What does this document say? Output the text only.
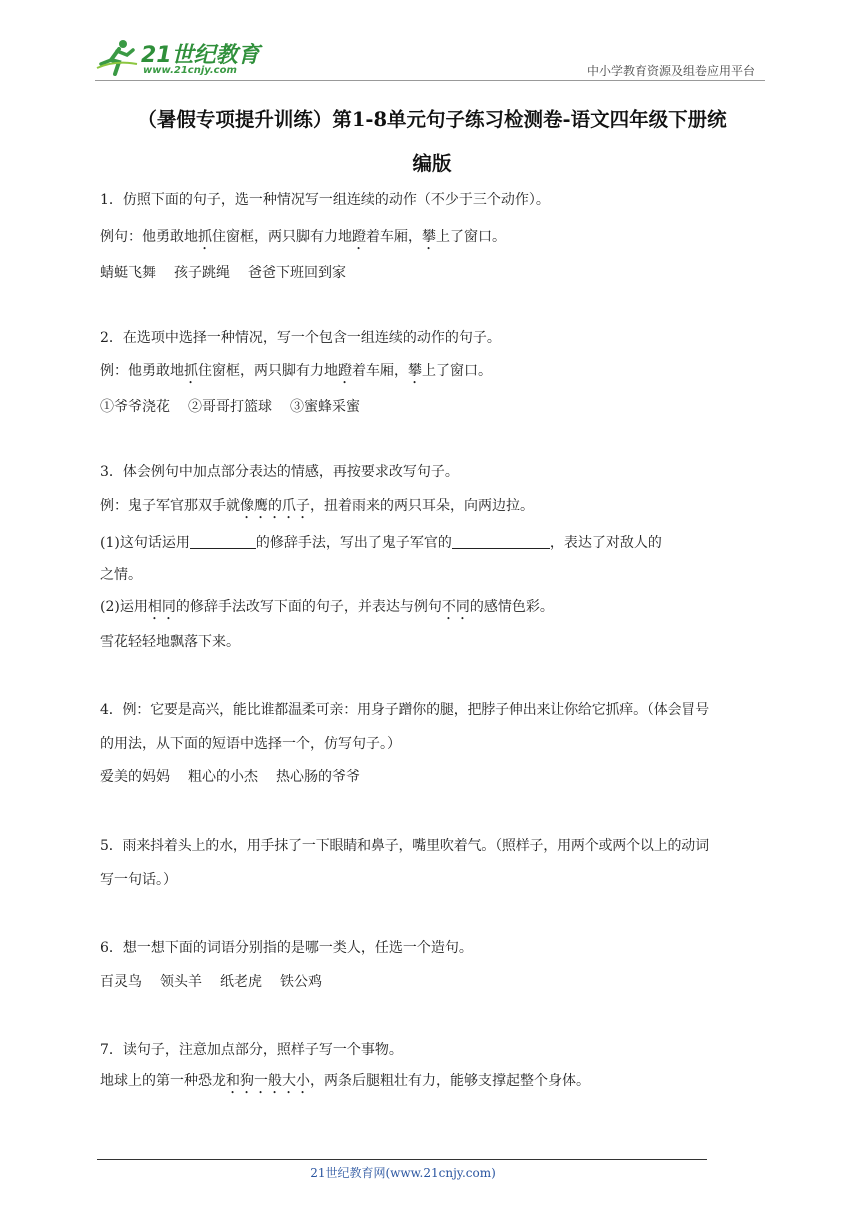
21世纪教育
www.21cnjy.com	中小学教育资源及组卷应用平台
（暑假专项提升训练）第1-8单元句子练习检测卷-语文四年级下册统
编版
1．仿照下面的句子，选一种情况写一组连续的动作（不少于三个动作）。
例句：他勇敢地抓住窗框，两只脚有力地蹬着车厢，攀上了窗口。
蜻蜓飞舞 孩子跳绳 爸爸下班回到家
2．在选项中选择一种情况，写一个包含一组连续的动作的句子。
例：他勇敢地抓住窗框，两只脚有力地蹬着车厢，攀上了窗口。
①爷爷浇花 ②哥哥打篮球 ③蜜蜂采蜜
3．体会例句中加点部分表达的情感，再按要求改写句子。
例：鬼子军官那双手就像鹰的爪子，扭着雨来的两只耳朵，向两边拉。
(1)这句话运用	的修辞手法，写出了鬼子军官的	，表达了对敌人的
之情。
(2)运用相同的修辞手法改写下面的句子，并表达与例句不同的感情色彩。
雪花轻轻地飘落下来。
4．例：它要是高兴，能比谁都温柔可亲：用身子蹭你的腿，把脖子伸出来让你给它抓痒。（体会冒号
的用法，从下面的短语中选择一个，仿写句子。）
爱美的妈妈 粗心的小杰 热心肠的爷爷
5．雨来抖着头上的水，用手抹了一下眼睛和鼻子，嘴里吹着气。（照样子，用两个或两个以上的动词
写一句话。）
6．想一想下面的词语分别指的是哪一类人，任选一个造句。
百灵鸟 领头羊 纸老虎 铁公鸡
7．读句子，注意加点部分，照样子写一个事物。
地球上的第一种恐龙和狗一般大小，两条后腿粗壮有力，能够支撑起整个身体。
21世纪教育网(www.21cnjy.com)
